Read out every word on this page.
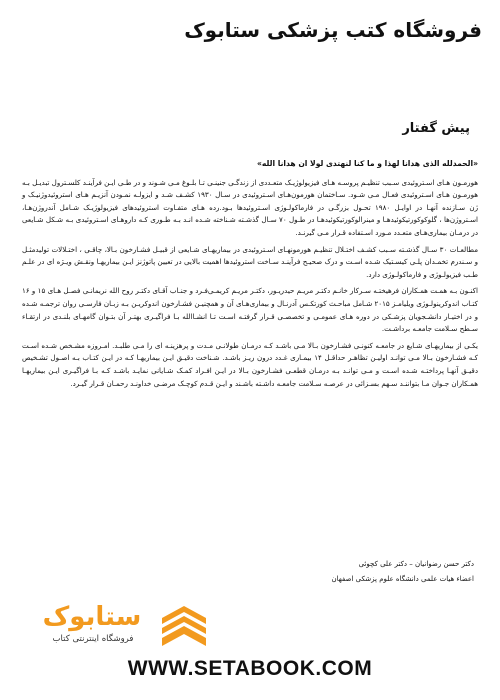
فروشگاه کتب پزشکی ستابوک
پیش گفتار
«الحمدلله الذی هدانا لهذا و ما کنا لنهتدی لولا ان هدانا الله»

هورمـون هـای اسـتروئیدی سـبب تنظیـم پروسـه هـای فیزیولوژیـک متعـددی از زندگـی جنینـی تـا بلـوغ مـی شـوند و در طـی ایـن فرآینـد کلسـترول تبدیـل بـه هورمـون هـای اسـتروئیدی فعـال مـی شـود. سـاختمان هورمون‌هـای اسـتروئیدی در سـال ۱۹۳۰ کشـف شـد و ایزولـه نمـودن آنزیـم هـای استروئیدوژنیـک و ژن سـازنده آنهـا در اوایـل ۱۹۸۰ تحـول بزرگـی در فارماکولـوژی اسـتروئیدها بـود.رده هـای متفـاوت استروئیدهای فیزیولوژیـک شـامل آندروژن‌هـا، اسـتروژن‌ها ، گلوکوکورتیکوئیدهـا و مینرالوکورتیکوئیدهـا در طـول ۷۰ سـال گذشـته شـناخته شـده انـد بـه طـوری کـه داروهـای اسـتروئیدی بـه شـکل شـایعی در درمـان بیماری‌هـای متعـدد مـورد اسـتفاده قـرار مـی گیرنـد.

مطالعـات ۳۰ سـال گذشـته سـبب کشـف اختـلال تنظیـم هورمونهـای اسـتروئیدی در بیماریهـای شـایعی از قبیـل فشـارخون بـالا، چاقـی ، اختـلالات تولیدمثـل و سـندرم تخمـدان پلـی کیسـتیک شـده اسـت و درک صحیـح فرآینـد سـاخت استروئیدها اهمیت بالایی در تعیین پاتوژنز ایـن بیماریهـا ونقـش ویـژه ای در علـم طـب فیزیولـوژی و فارماکولـوژی دارد.

اکنـون بـه همـت همـکاران فرهیختـه سـرکار خانـم دکتـر مریـم حیدریـور، دکتـر مریـم کریمـی‌فـرد و جنـاب آقـای دکتـر روح الله نریمانـی فصـل هـای ۱۵ و ۱۶ کتـاب اندوکرینولـوژی ویلیامـز ۲۰۱۵ شـامل مباحـث کورتکـس آدرنـال و بیماری‌هـای آن و همچنیـن فشـارخون اندوکریـن بـه زبـان فارسـی روان ترجمـه شـده و در اختیـار دانشـجویان پزشـکی در دوره هـای عمومـی و تخصصـی قـرار گرفتـه اسـت تـا انشـاالله بـا فراگیـری بهتـر آن بتـوان گامهـای بلنـدی در ارتقـاء سـطح سـلامت جامعـه برداشـت.

یکـی از بیماریهـای شـایع در جامعـه کنونـی فشـارخون بـالا مـی باشـد کـه درمـان طولانـی مـدت و پرهزینـه ای را مـی طلبـد. امـروزه مشـخص شـده اسـت کـه فشـارخون بـالا مـی توانـد اولیـن تظاهـر حداقـل ۱۴ بیمـاری غـدد درون ریـز باشـد. شـناخت دقیـق ایـن بیماریهـا کـه در ایـن کتـاب بـه اصـول تشـخیص دقیـق آنهـا پرداختـه شـده اسـت و مـی توانـد بـه درمـان قطعـی فشـارخون بـالا در ایـن افـراد کمـک شـایانی نمایـد باشـد کـه بـا فراگیـری ایـن بیماریهـا همـکاران جـوان مـا بتواننـد سـهم بسـزائی در عرصـه سـلامت جامعـه داشـته باشـند و ایـن قـدم کوچـک مرضـی خداونـد رحمـان قـرار گیـرد.

دکتر حسن رضوانیان – دکتر علی کچوئی
اعضاء هیات علمی دانشگاه علوم پزشکی اصفهان
ستابوک
فروشگاه اینترنتی کتاب
WWW.SETABOOK.COM
